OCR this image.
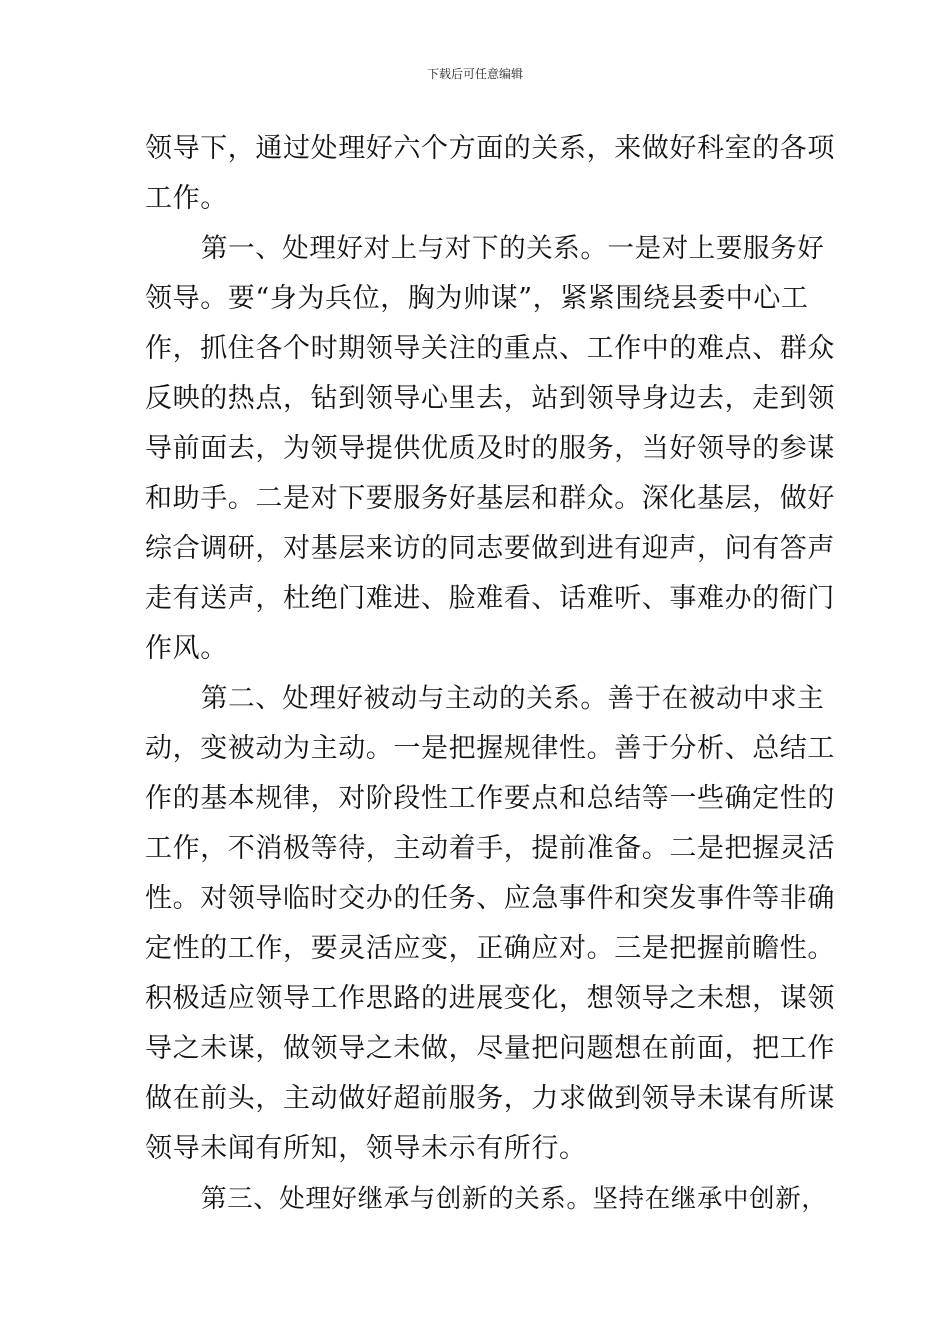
下载后可任意编辑
领导下，通过处理好六个方面的关系，来做好科室的各项
工作。
第一、处理好对上与对下的关系。一是对上要服务好
领导。要“身为兵位，胸为帅谋”，紧紧围绕县委中心工
作，抓住各个时期领导关注的重点、工作中的难点、群众
反映的热点，钻到领导心里去，站到领导身边去，走到领
导前面去，为领导提供优质及时的服务，当好领导的参谋
和助手。二是对下要服务好基层和群众。深化基层，做好
综合调研，对基层来访的同志要做到进有迎声，问有答声
走有送声，杜绝门难进、脸难看、话难听、事难办的衙门
作风。
第二、处理好被动与主动的关系。善于在被动中求主
动，变被动为主动。一是把握规律性。善于分析、总结工
作的基本规律，对阶段性工作要点和总结等一些确定性的
工作，不消极等待，主动着手，提前准备。二是把握灵活
性。对领导临时交办的任务、应急事件和突发事件等非确
定性的工作，要灵活应变，正确应对。三是把握前瞻性。
积极适应领导工作思路的进展变化，想领导之未想，谋领
导之未谋，做领导之未做，尽量把问题想在前面，把工作
做在前头，主动做好超前服务，力求做到领导未谋有所谋
领导未闻有所知，领导未示有所行。
第三、处理好继承与创新的关系。坚持在继承中创新，
